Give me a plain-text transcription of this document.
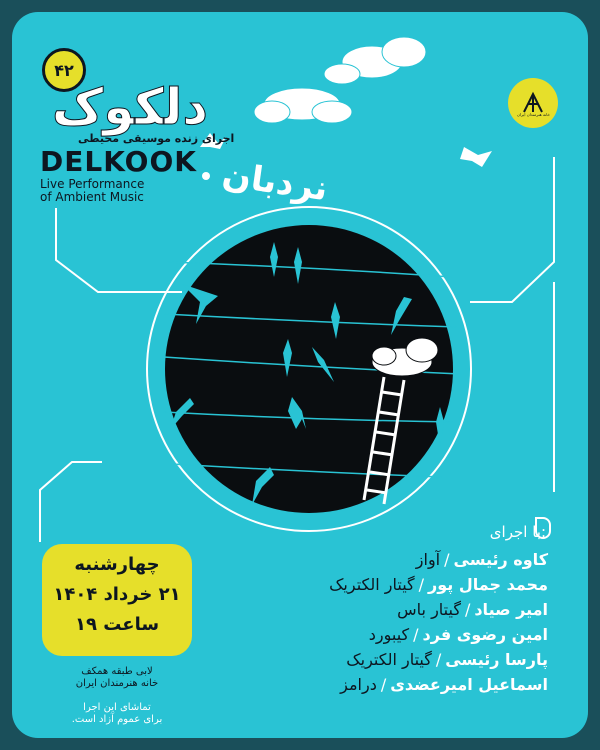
۴۲
دلکوک
اجرای زنده موسیقی محیطی
DELKOOK
Live Performance
of Ambient Music
خانه هنرمندان ایران
نردبان
با اجرای:
کاوه رئیسی/آواز
محمد جمال پور/گیتار الکتریک
امیر صیاد/گیتار باس
امین رضوی فرد/کیبورد
پارسا رئیسی/گیتار الکتریک
اسماعیل امیرعضدی/درامز
چهارشنبه
۲۱ خرداد ۱۴۰۴
ساعت ۱۹
لابی طبقه همکف
خانه هنرمندان ایران
تماشای این اجرا
برای عموم آزاد است.
